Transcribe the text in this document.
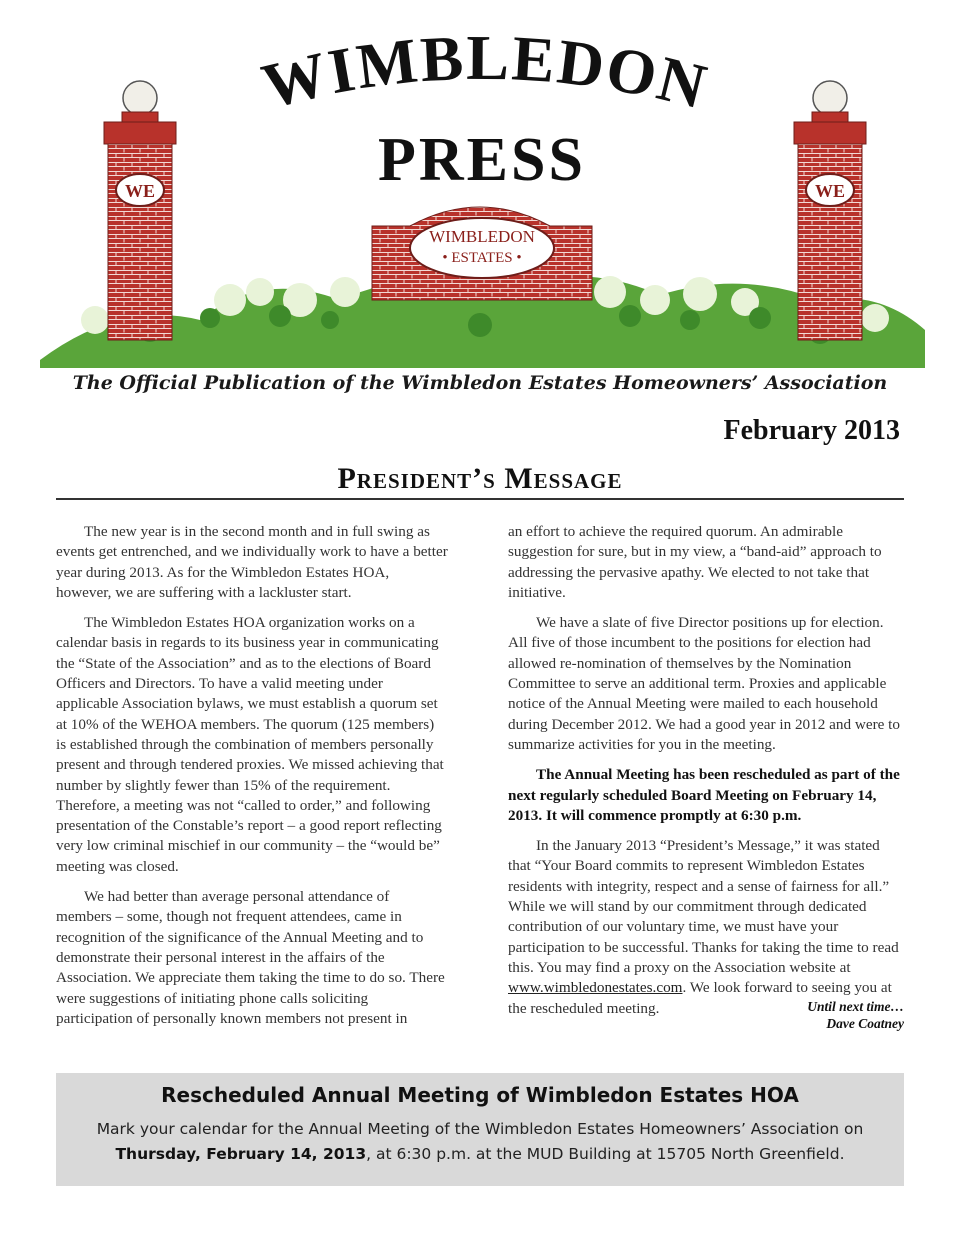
WIMBLEDON
PRESS
WE	WE
WIMBLEDON
• ESTATES •
The Official Publication of the Wimbledon Estates Homeowners’ Association
February 2013
President’s Message

The new year is in the second month and in full swing as events get entrenched, and we individually work to have a better year during 2013. As for the Wimbledon Estates HOA, however, we are suffering with a lackluster start.

The Wimbledon Estates HOA organization works on a calendar basis in regards to its business year in communicating the “State of the Association” and as to the elections of Board Officers and Directors. To have a valid meeting under applicable Association bylaws, we must establish a quorum set at 10% of the WEHOA members. The quorum (125 members) is established through the combination of members personally present and through tendered proxies. We missed achieving that number by slightly fewer than 15% of the requirement. Therefore, a meeting was not “called to order,” and following presentation of the Constable’s report – a good report reflecting very low criminal mischief in our community – the “would be” meeting was closed.

We had better than average personal attendance of members – some, though not frequent attendees, came in recognition of the significance of the Annual Meeting and to demonstrate their personal interest in the affairs of the Association. We appreciate them taking the time to do so. There were suggestions of initiating phone calls soliciting participation of personally known members not present in

an effort to achieve the required quorum. An admirable suggestion for sure, but in my view, a “band-aid” approach to addressing the pervasive apathy. We elected to not take that initiative.

We have a slate of five Director positions up for election. All five of those incumbent to the positions for election had allowed re-nomination of themselves by the Nomination Committee to serve an additional term. Proxies and applicable notice of the Annual Meeting were mailed to each household during December 2012. We had a good year in 2012 and were to summarize activities for you in the meeting.

The Annual Meeting has been rescheduled as part of the next regularly scheduled Board Meeting on February 14, 2013. It will commence promptly at 6:30 p.m.

In the January 2013 “President’s Message,” it was stated that “Your Board commits to represent Wimbledon Estates residents with integrity, respect and a sense of fairness for all.” While we will stand by our commitment through dedicated contribution of our voluntary time, we must have your participation to be successful. Thanks for taking the time to read this. You may find a proxy on the Association website at www.wimbledonestates.com. We look forward to seeing you at the rescheduled meeting.	Until next time…
Dave Coatney
Rescheduled Annual Meeting of Wimbledon Estates HOA
Mark your calendar for the Annual Meeting of the Wimbledon Estates Homeowners’ Association on
Thursday, February 14, 2013, at 6:30 p.m. at the MUD Building at 15705 North Greenfield.
